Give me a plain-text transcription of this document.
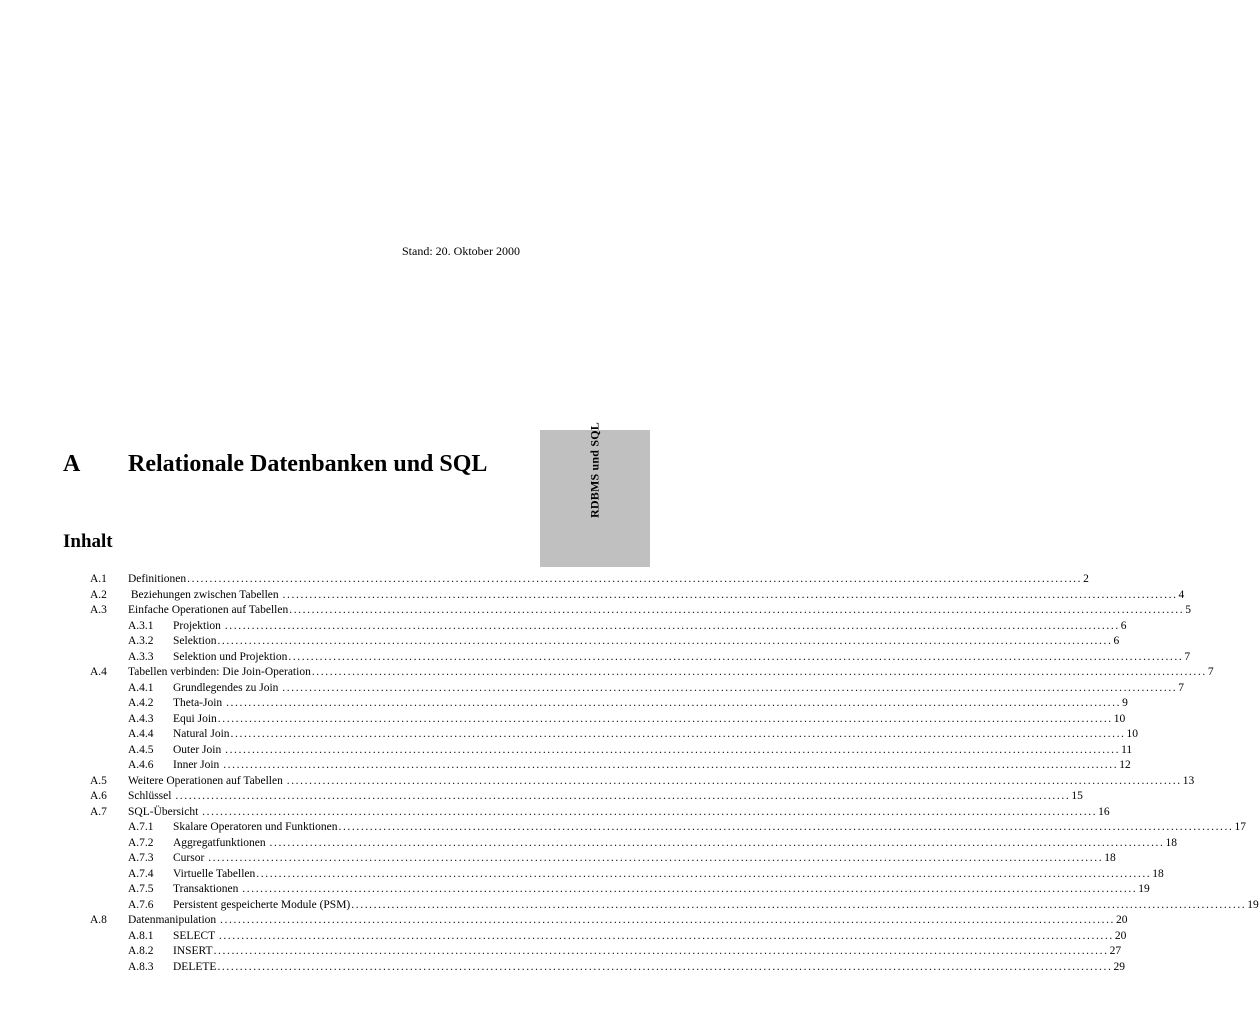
Stand: 20. Oktober 2000
RDBMS und SQL
A Relationale Datenbanken und SQL
Inhalt
A.1 Definitionen ........................................................................................................................................................................................................ 2
A.2 Beziehungen zwischen Tabellen ........................................................................................................................................................................................................ 4
A.3 Einfache Operationen auf Tabellen ........................................................................................................................................................................................................ 5
A.3.1 Projektion ........................................................................................................................................................................................................ 6
A.3.2 Selektion ........................................................................................................................................................................................................ 6
A.3.3 Selektion und Projektion ........................................................................................................................................................................................................ 7
A.4 Tabellen verbinden: Die Join-Operation ........................................................................................................................................................................................................ 7
A.4.1 Grundlegendes zu Join ........................................................................................................................................................................................................ 7
A.4.2 Theta-Join ........................................................................................................................................................................................................ 9
A.4.3 Equi Join ........................................................................................................................................................................................................ 10
A.4.4 Natural Join ........................................................................................................................................................................................................ 10
A.4.5 Outer Join ........................................................................................................................................................................................................ 11
A.4.6 Inner Join ........................................................................................................................................................................................................ 12
A.5 Weitere Operationen auf Tabellen ........................................................................................................................................................................................................ 13
A.6 Schlüssel ........................................................................................................................................................................................................ 15
A.7 SQL-Übersicht ........................................................................................................................................................................................................ 16
A.7.1 Skalare Operatoren und Funktionen ........................................................................................................................................................................................................ 17
A.7.2 Aggregatfunktionen ........................................................................................................................................................................................................ 18
A.7.3 Cursor ........................................................................................................................................................................................................ 18
A.7.4 Virtuelle Tabellen ........................................................................................................................................................................................................ 18
A.7.5 Transaktionen ........................................................................................................................................................................................................ 19
A.7.6 Persistent gespeicherte Module (PSM) ........................................................................................................................................................................................................ 19
A.8 Datenmanipulation ........................................................................................................................................................................................................ 20
A.8.1 SELECT ........................................................................................................................................................................................................ 20
A.8.2 INSERT ........................................................................................................................................................................................................ 27
A.8.3 DELETE ........................................................................................................................................................................................................ 29
